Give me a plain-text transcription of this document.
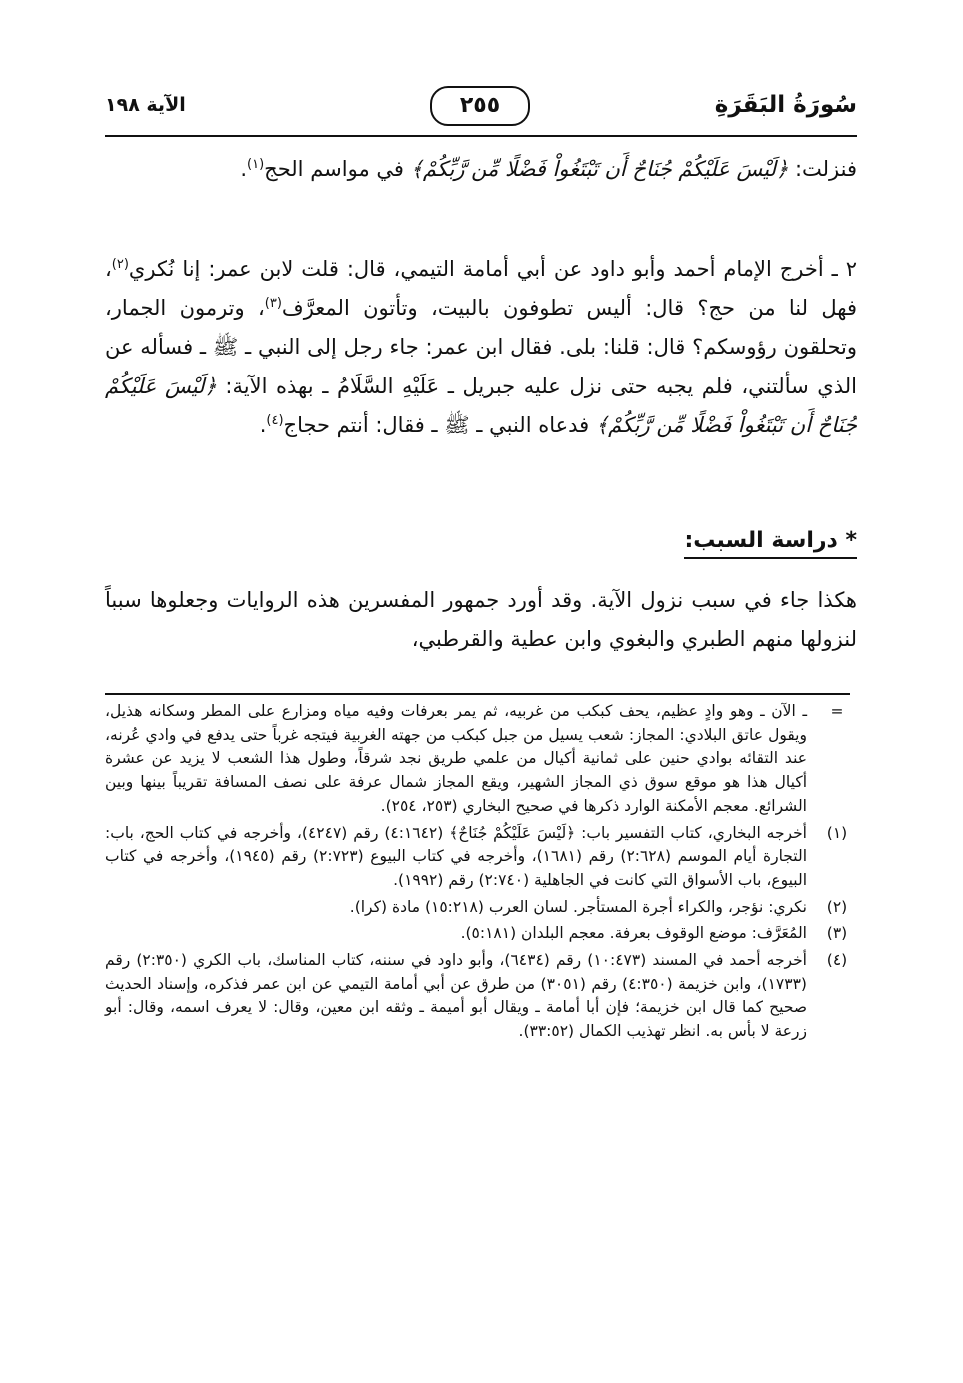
سُورَةُ البَقَرَةِ
٢٥٥
الآية ١٩٨
فنزلت: ﴿لَيْسَ عَلَيْكُمْ جُنَاحٌ أَن تَبْتَغُواْ فَضْلًا مِّن رَّبِّكُمْ﴾ في مواسم الحج$^{(١)}$.
٢ ـ أخرج الإمام أحمد وأبو داود عن أبي أمامة التيمي، قال: قلت لابن عمر: إنا نُكري$^{(٢)}$، فهل لنا من حج؟ قال: أليس تطوفون بالبيت، وتأتون المعرَّف$^{(٣)}$، وترمون الجمار، وتحلقون رؤوسكم؟ قال: قلنا: بلى. فقال ابن عمر: جاء رجل إلى النبي ـ ﷺ ـ فسأله عن الذي سألتني، فلم يجبه حتى نزل عليه جبريل ـ عَلَيْهِ السَّلَامُ ـ بهذه الآية: ﴿لَيْسَ عَلَيْكُمْ جُنَاحٌ أَن تَبْتَغُواْ فَضْلًا مِّن رَّبِّكُمْ﴾ فدعاه النبي ـ ﷺ ـ فقال: أنتم حجاج$^{(٤)}$.
* دراسة السبب:
هكذا جاء في سبب نزول الآية. وقد أورد جمهور المفسرين هذه الروايات وجعلوها سبباً لنزولها منهم الطبري والبغوي وابن عطية والقرطبي،
=
ـ الآن ـ وهو وادٍ عظيم، يحف كبكب من غربيه، ثم يمر بعرفات وفيه مياه ومزارع على المطر وسكانه هذيل، ويقول عاتق البلادي: المجاز: شعب يسيل من جبل كبكب من جهته الغربية فيتجه غرباً حتى يدفع في وادي عُرنه، عند التقائه بوادي حنين على ثمانية أكيال من علمي طريق نجد شرقاً، وطول هذا الشعب لا يزيد عن عشرة أكيال هذا هو موقع سوق ذي المجاز الشهير، ويقع المجاز شمال عرفة على نصف المسافة تقريباً بينها وبين الشرائع. معجم الأمكنة الوارد ذكرها في صحيح البخاري (٢٥٣، ٢٥٤).
(١)
أخرجه البخاري، كتاب التفسير باب: ﴿لَيْسَ عَلَيْكُمْ جُنَاحٌ﴾ (٤:١٦٤٢) رقم (٤٢٤٧)، وأخرجه في كتاب الحج، باب: التجارة أيام الموسم (٢:٦٢٨) رقم (١٦٨١)، وأخرجه في كتاب البيوع (٢:٧٢٣) رقم (١٩٤٥)، وأخرجه في كتاب البيوع، باب الأسواق التي كانت في الجاهلية (٢:٧٤٠) رقم (١٩٩٢).
(٢)
نكري: نؤجر، والكراء أجرة المستأجر. لسان العرب (١٥:٢١٨) مادة (كرا).
(٣)
المُعَرَّف: موضع الوقوف بعرفة. معجم البلدان (٥:١٨١).
(٤)
أخرجه أحمد في المسند (١٠:٤٧٣) رقم (٦٤٣٤)، وأبو داود في سننه، كتاب المناسك، باب الكري (٢:٣٥٠) رقم (١٧٣٣)، وابن خزيمة (٤:٣٥٠) رقم (٣٠٥١) من طرق عن أبي أمامة التيمي عن ابن عمر فذكره، وإسناد الحديث صحيح كما قال ابن خزيمة؛ فإن أبا أمامة ـ ويقال أبو أميمة ـ وثقه ابن معين، وقال: لا يعرف اسمه، وقال: أبو زرعة لا بأس به. انظر تهذيب الكمال (٣٣:٥٢).
